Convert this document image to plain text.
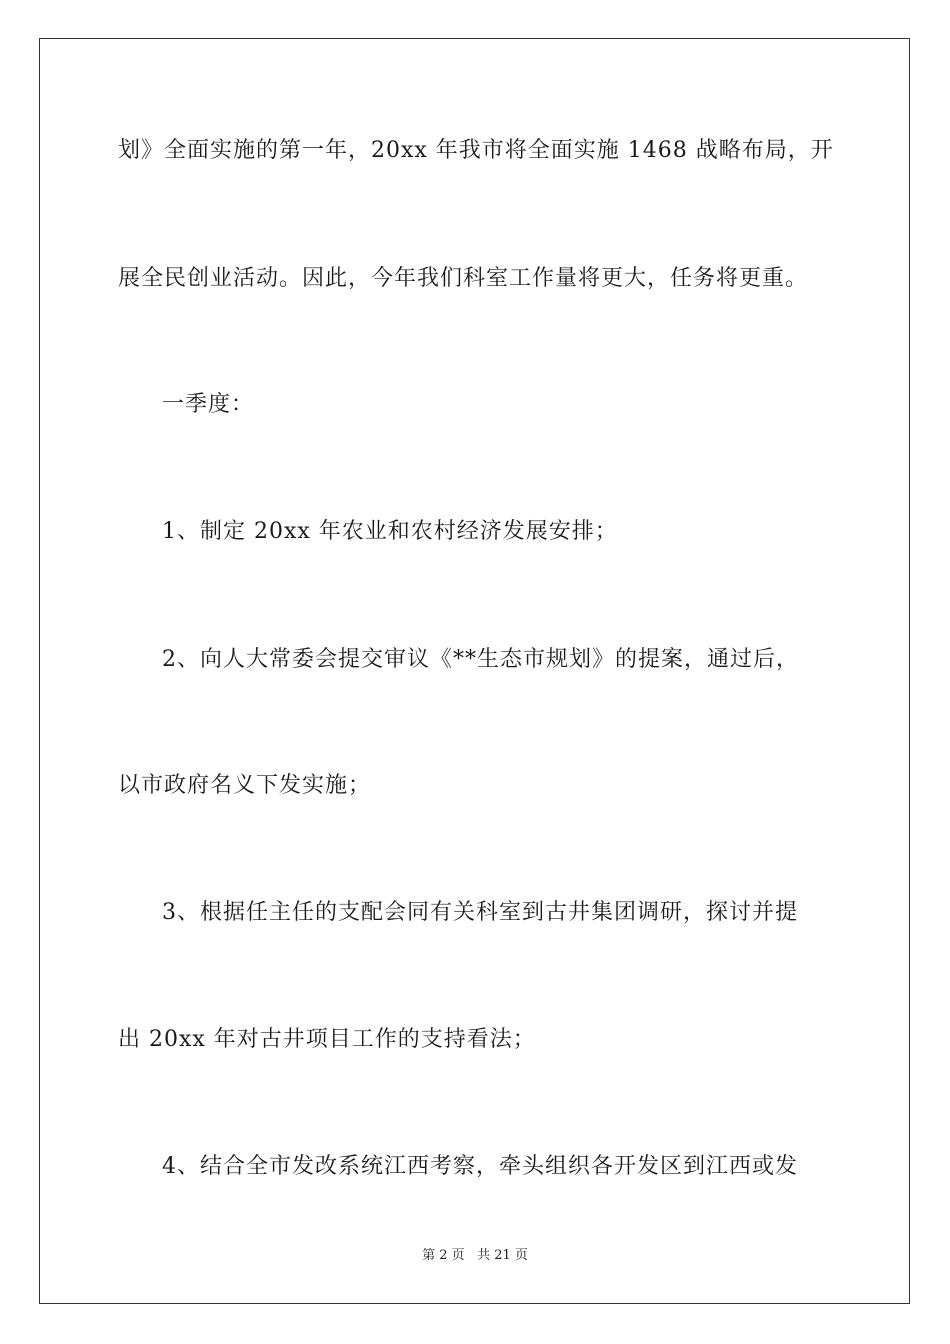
划》全面实施的第一年，20xx 年我市将全面实施 1468 战略布局，开
展全民创业活动。因此，今年我们科室工作量将更大，任务将更重。
一季度：
1、制定 20xx 年农业和农村经济发展安排；
2、向人大常委会提交审议《**生态市规划》的提案，通过后，
以市政府名义下发实施；
3、根据任主任的支配会同有关科室到古井集团调研，探讨并提
出 20xx 年对古井项目工作的支持看法；
4、结合全市发改系统江西考察，牵头组织各开发区到江西或发
第 2 页 共 21 页
